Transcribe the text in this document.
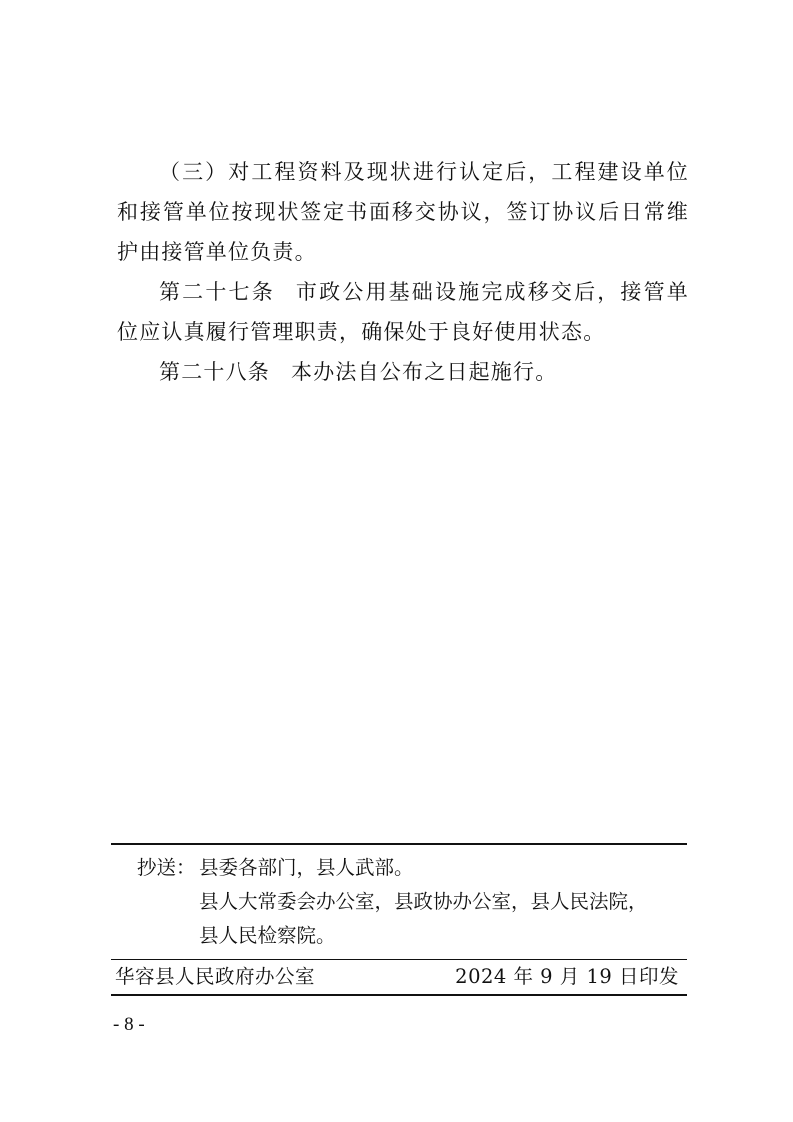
（三）对工程资料及现状进行认定后，工程建设单位和接管单位按现状签定书面移交协议，签订协议后日常维护由接管单位负责。

第二十七条 市政公用基础设施完成移交后，接管单位应认真履行管理职责，确保处于良好使用状态。

第二十八条 本办法自公布之日起施行。

抄送： 县委各部门，县人武部。
县人大常委会办公室，县政协办公室，县人民法院，
县人民检察院。
华容县人民政府办公室	2024 年 9 月 19 日印发
- 8 -
